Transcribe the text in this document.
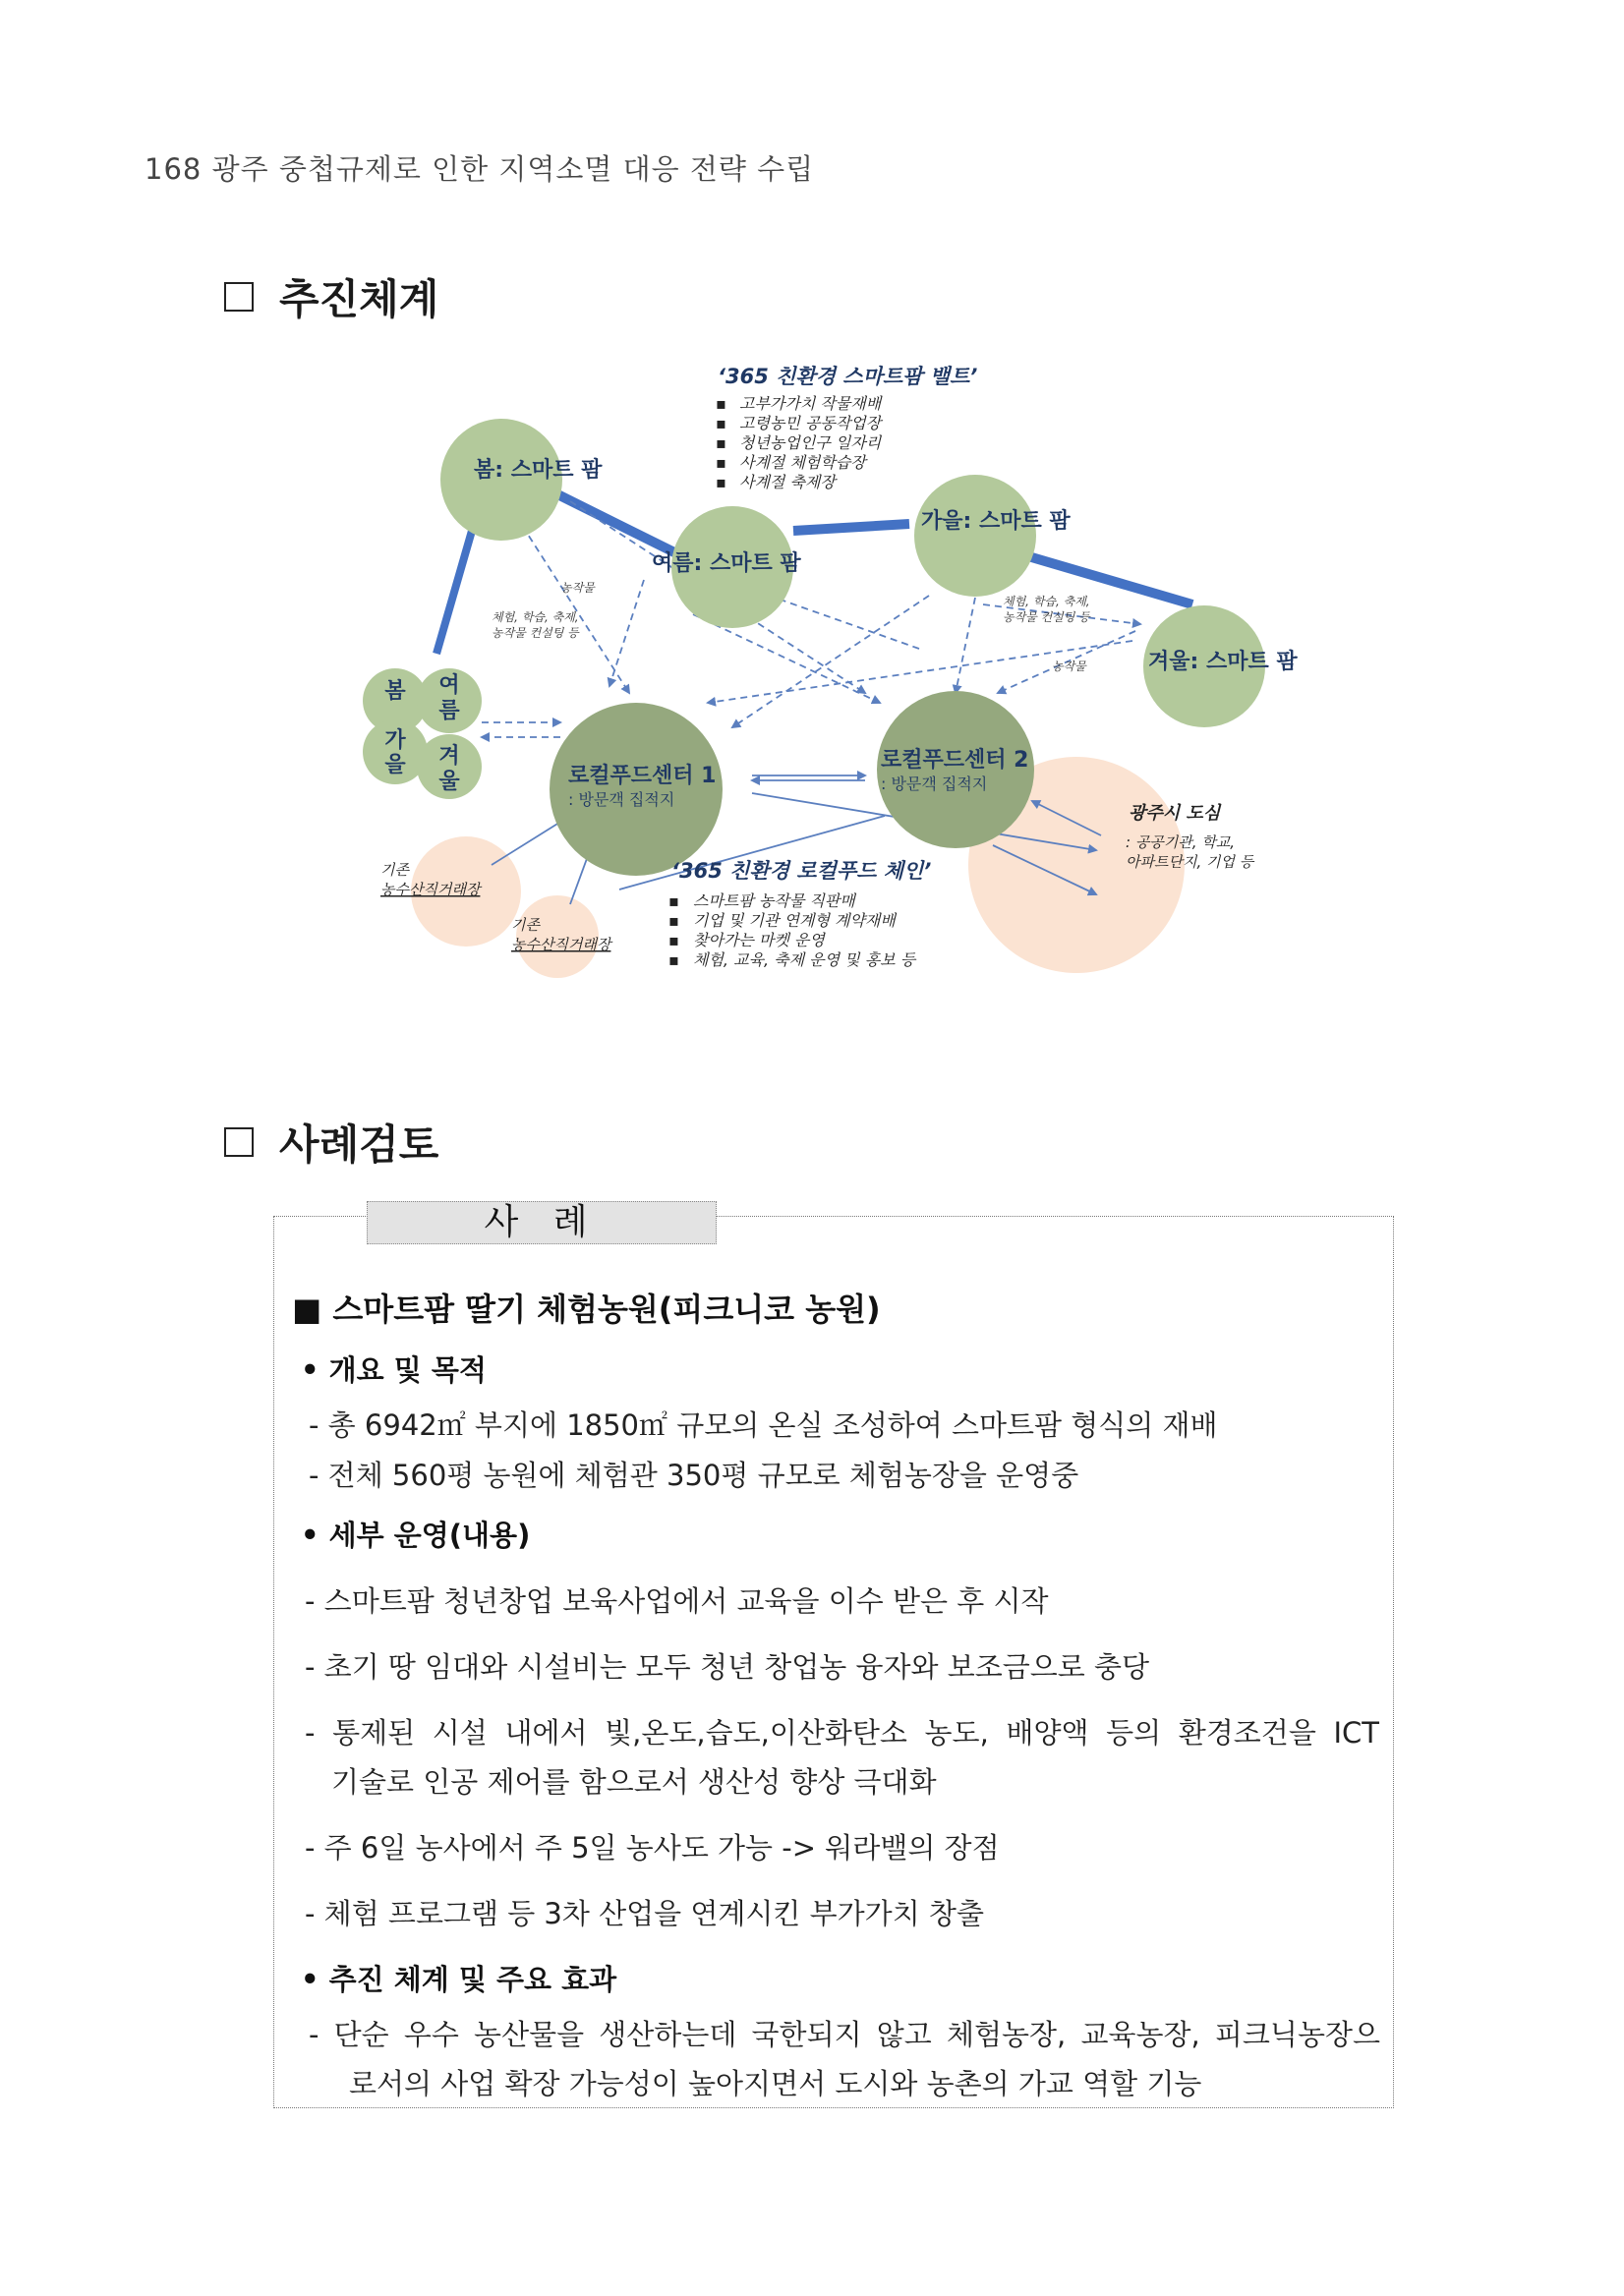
168 광주 중첩규제로 인한 지역소멸 대응 전략 수립
추진체계
‘365 친환경 스마트팜 밸트’
▪ 고부가가치 작물재배
▪ 고령농민 공동작업장
▪ 청년농업인구 일자리
▪ 사계절 체험학습장
▪ 사계절 축제장
봄: 스마트 팜
여름: 스마트 팜
가을: 스마트 팜
겨울: 스마트 팜
봄 여 름
가 을 겨 울
농작물
체험, 학습, 축제,
농작물 컨설팅 등
체험, 학습, 축제,
농작물 컨설팅 등
농작물
로컬푸드센터 1
: 방문객 집적지
로컬푸드센터 2
: 방문객 집적지
광주시 도심
: 공공기관, 학교,
아파트단지, 기업 등
기존
농수산직거래장
기존
농수산직거래장
‘365 친환경 로컬푸드 체인’
▪ 스마트팜 농작물 직판매
▪ 기업 및 기관 연계형 계약재배
▪ 찾아가는 마켓 운영
▪ 체험, 교육, 축제 운영 및 홍보 등
사례검토
사 례
■ 스마트팜 딸기 체험농원(피크니코 농원)
• 개요 및 목적
- 총 6942㎡ 부지에 1850㎡ 규모의 온실 조성하여 스마트팜 형식의 재배
- 전체 560평 농원에 체험관 350평 규모로 체험농장을 운영중
• 세부 운영(내용)
- 스마트팜 청년창업 보육사업에서 교육을 이수 받은 후 시작
- 초기 땅 임대와 시설비는 모두 청년 창업농 융자와 보조금으로 충당
- 통제된 시설 내에서 빛,온도,습도,이산화탄소 농도, 배양액 등의 환경조건을 ICT
기술로 인공 제어를 함으로서 생산성 향상 극대화
- 주 6일 농사에서 주 5일 농사도 가능 -> 워라밸의 장점
- 체험 프로그램 등 3차 산업을 연계시킨 부가가치 창출
• 추진 체계 및 주요 효과
- 단순 우수 농산물을 생산하는데 국한되지 않고 체험농장, 교육농장, 피크닉농장으
로서의 사업 확장 가능성이 높아지면서 도시와 농촌의 가교 역할 기능
